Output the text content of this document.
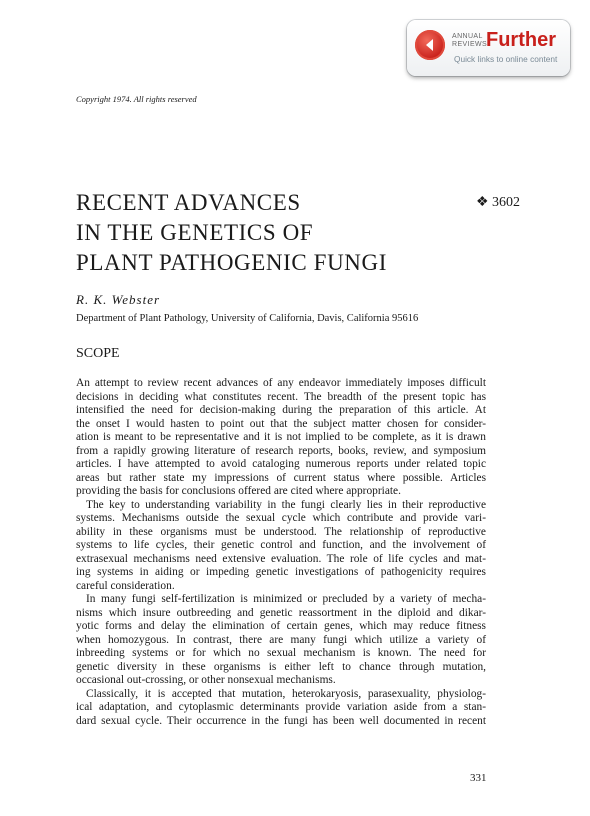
ANNUAL
REVIEWS
Further
Quick links to online content
Copyright 1974. All rights reserved
RECENT ADVANCES
IN THE GENETICS OF
PLANT PATHOGENIC FUNGI
❖ 3602
R. K. Webster
Department of Plant Pathology, University of California, Davis, California 95616
SCOPE
An attempt to review recent advances of any endeavor immediately imposes difficult
decisions in deciding what constitutes recent. The breadth of the present topic has
intensified the need for decision-making during the preparation of this article. At
the onset I would hasten to point out that the subject matter chosen for consider-
ation is meant to be representative and it is not implied to be complete, as it is drawn
from a rapidly growing literature of research reports, books, review, and symposium
articles. I have attempted to avoid cataloging numerous reports under related topic
areas but rather state my impressions of current status where possible. Articles
providing the basis for conclusions offered are cited where appropriate.
The key to understanding variability in the fungi clearly lies in their reproductive
systems. Mechanisms outside the sexual cycle which contribute and provide vari-
ability in these organisms must be understood. The relationship of reproductive
systems to life cycles, their genetic control and function, and the involvement of
extrasexual mechanisms need extensive evaluation. The role of life cycles and mat-
ing systems in aiding or impeding genetic investigations of pathogenicity requires
careful consideration.
In many fungi self-fertilization is minimized or precluded by a variety of mecha-
nisms which insure outbreeding and genetic reassortment in the diploid and dikar-
yotic forms and delay the elimination of certain genes, which may reduce fitness
when homozygous. In contrast, there are many fungi which utilize a variety of
inbreeding systems or for which no sexual mechanism is known. The need for
genetic diversity in these organisms is either left to chance through mutation,
occasional out-crossing, or other nonsexual mechanisms.
Classically, it is accepted that mutation, heterokaryosis, parasexuality, physiolog-
ical adaptation, and cytoplasmic determinants provide variation aside from a stan-
dard sexual cycle. Their occurrence in the fungi has been well documented in recent
331
